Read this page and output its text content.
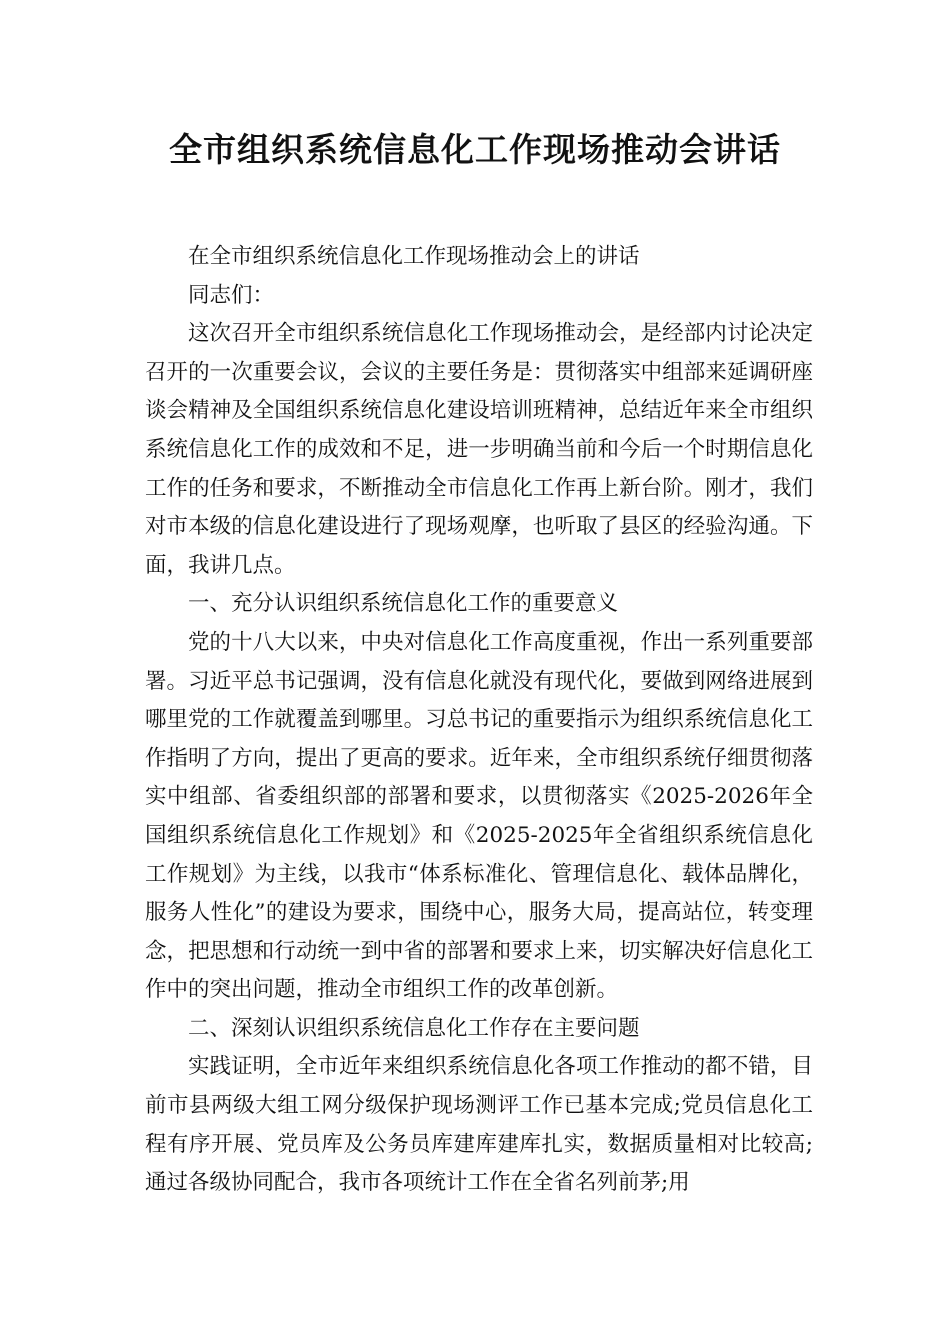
全市组织系统信息化工作现场推动会讲话

在全市组织系统信息化工作现场推动会上的讲话

同志们：

这次召开全市组织系统信息化工作现场推动会，是经部内讨论决定召开的一次重要会议，会议的主要任务是：贯彻落实中组部来延调研座谈会精神及全国组织系统信息化建设培训班精神，总结近年来全市组织系统信息化工作的成效和不足，进一步明确当前和今后一个时期信息化工作的任务和要求，不断推动全市信息化工作再上新台阶。刚才，我们对市本级的信息化建设进行了现场观摩，也听取了县区的经验沟通。下面，我讲几点。

一、充分认识组织系统信息化工作的重要意义

党的十八大以来，中央对信息化工作高度重视，作出一系列重要部署。习近平总书记强调，没有信息化就没有现代化，要做到网络进展到哪里党的工作就覆盖到哪里。习总书记的重要指示为组织系统信息化工作指明了方向，提出了更高的要求。近年来，全市组织系统仔细贯彻落实中组部、省委组织部的部署和要求，以贯彻落实《2025-2026年全国组织系统信息化工作规划》和《2025-2025年全省组织系统信息化工作规划》为主线，以我市“体系标准化、管理信息化、载体品牌化，服务人性化”的建设为要求，围绕中心，服务大局，提高站位，转变理念，把思想和行动统一到中省的部署和要求上来，切实解决好信息化工作中的突出问题，推动全市组织工作的改革创新。

二、深刻认识组织系统信息化工作存在主要问题

实践证明，全市近年来组织系统信息化各项工作推动的都不错，目前市县两级大组工网分级保护现场测评工作已基本完成;党员信息化工程有序开展、党员库及公务员库建库建库扎实，数据质量相对比较高;通过各级协同配合，我市各项统计工作在全省名列前茅;用
